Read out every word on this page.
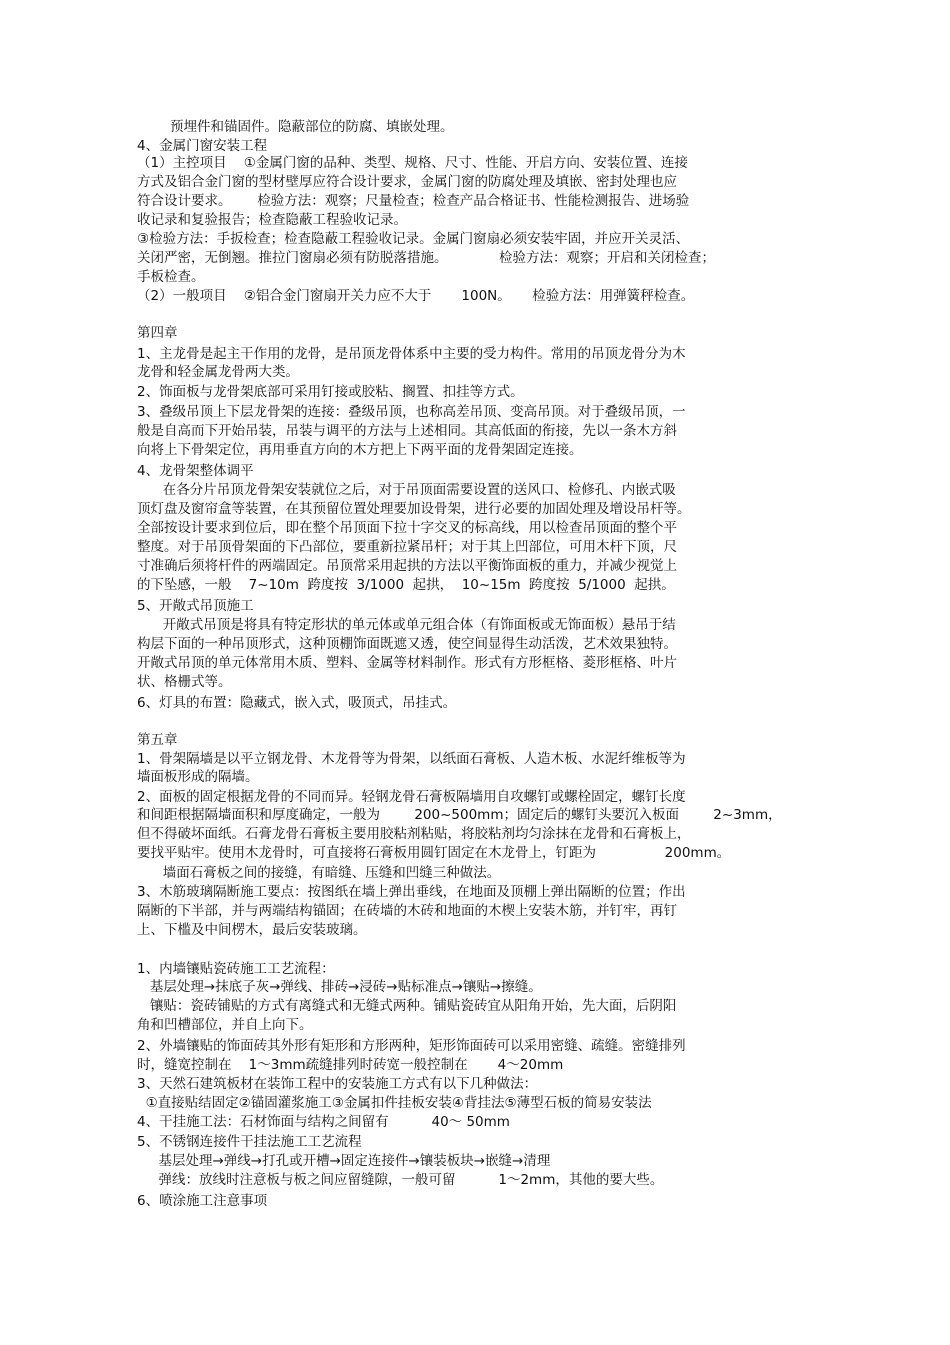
预埋件和锚固件。隐蔽部位的防腐、填嵌处理。
4、金属门窗安装工程
（1）主控项目    ①金属门窗的品种、类型、规格、尺寸、性能、开启方向、安装位置、连接
方式及铝合金门窗的型材壁厚应符合设计要求，金属门窗的防腐处理及填嵌、密封处理也应
符合设计要求。      检验方法：观察；尺量检查；检查产品合格证书、性能检测报告、进场验
收记录和复验报告；检查隐蔽工程验收记录。
③检验方法：手扳检查；检查隐蔽工程验收记录。金属门窗扇必须安装牢固，并应开关灵活、
关闭严密，无倒翘。推拉门窗扇必须有防脱落措施。            检验方法：观察；开启和关闭检查；
手板检查。
（2）一般项目    ②铝合金门窗扇开关力应不大于       100N。     检验方法：用弹簧秤检查。
第四章
1、主龙骨是起主干作用的龙骨，是吊顶龙骨体系中主要的受力构件。常用的吊顶龙骨分为木
龙骨和轻金属龙骨两大类。
2、饰面板与龙骨架底部可采用钉接或胶粘、搁置、扣挂等方式。
3、叠级吊顶上下层龙骨架的连接：叠级吊顶，也称高差吊顶、变高吊顶。对于叠级吊顶，一
般是自高而下开始吊装，吊装与调平的方法与上述相同。其高低面的衔接，先以一条木方斜
向将上下骨架定位，再用垂直方向的木方把上下两平面的龙骨架固定连接。
4、龙骨架整体调平
在各分片吊顶龙骨架安装就位之后，对于吊顶面需要设置的送风口、检修孔、内嵌式吸
顶灯盘及窗帘盒等装置，在其预留位置处理要加设骨架，进行必要的加固处理及增设吊杆等。
全部按设计要求到位后，即在整个吊顶面下拉十字交叉的标高线，用以检查吊顶面的整个平
整度。对于吊顶骨架面的下凸部位，要重新拉紧吊杆；对于其上凹部位，可用木杆下顶，尺
寸准确后须将杆件的两端固定。吊顶常采用起拱的方法以平衡饰面板的重力，并减少视觉上
的下坠感，一般    7~10m  跨度按  3/1000  起拱，  10~15m  跨度按  5/1000  起拱。
5、开敞式吊顶施工
开敞式吊顶是将具有特定形状的单元体或单元组合体（有饰面板或无饰面板）悬吊于结
构层下面的一种吊顶形式，这种顶棚饰面既遮又透，使空间显得生动活泼，艺术效果独特。
开敞式吊顶的单元体常用木质、塑料、金属等材料制作。形式有方形框格、菱形框格、叶片
状、格栅式等。
6、灯具的布置：隐藏式，嵌入式，吸顶式，吊挂式。
第五章
1、骨架隔墙是以平立钢龙骨、木龙骨等为骨架，以纸面石膏板、人造木板、水泥纤维板等为
墙面板形成的隔墙。
2、面板的固定根据龙骨的不同而异。轻钢龙骨石膏板隔墙用自攻螺钉或螺栓固定，螺钉长度
和间距根据隔墙面积和厚度确定，一般为        200~500mm；固定后的螺钉头要沉入板面        2~3mm，
但不得破坏面纸。石膏龙骨石膏板主要用胶粘剂粘贴，将胶粘剂均匀涂抹在龙骨和石膏板上，
要找平贴牢。使用木龙骨时，可直接将石膏板用圆钉固定在木龙骨上，钉距为                200mm。
墙面石膏板之间的接缝，有暗缝、压缝和凹缝三种做法。
3、木筋玻璃隔断施工要点：按图纸在墙上弹出垂线，在地面及顶棚上弹出隔断的位置；作出
隔断的下半部，并与两端结构锚固；在砖墙的木砖和地面的木楔上安装木筋，并钉牢，再钉
上、下槛及中间楞木，最后安装玻璃。
1、内墙镶贴瓷砖施工工艺流程：
基层处理→抹底子灰→弹线、排砖→浸砖→贴标准点→镶贴→擦缝。
镶贴：瓷砖铺贴的方式有离缝式和无缝式两种。铺贴瓷砖宜从阳角开始，先大面，后阴阳
角和凹槽部位，并自上向下。
2、外墙镶贴的饰面砖其外形有矩形和方形两种，矩形饰面砖可以采用密缝、疏缝。密缝排列
时，缝宽控制在    1～3mm疏缝排列时砖宽一般控制在       4～20mm
3、天然石建筑板材在装饰工程中的安装施工方式有以下几种做法：
①直接贴结固定②锚固灌浆施工③金属扣件挂板安装④背挂法⑤薄型石板的简易安装法
4、干挂施工法：石材饰面与结构之间留有          40～ 50mm
5、不锈钢连接件干挂法施工工艺流程
基层处理→弹线→打孔或开槽→固定连接件→镶装板块→嵌缝→清理
弹线：放线时注意板与板之间应留缝隙，一般可留          1～2mm，其他的要大些。
6、喷涂施工注意事项
